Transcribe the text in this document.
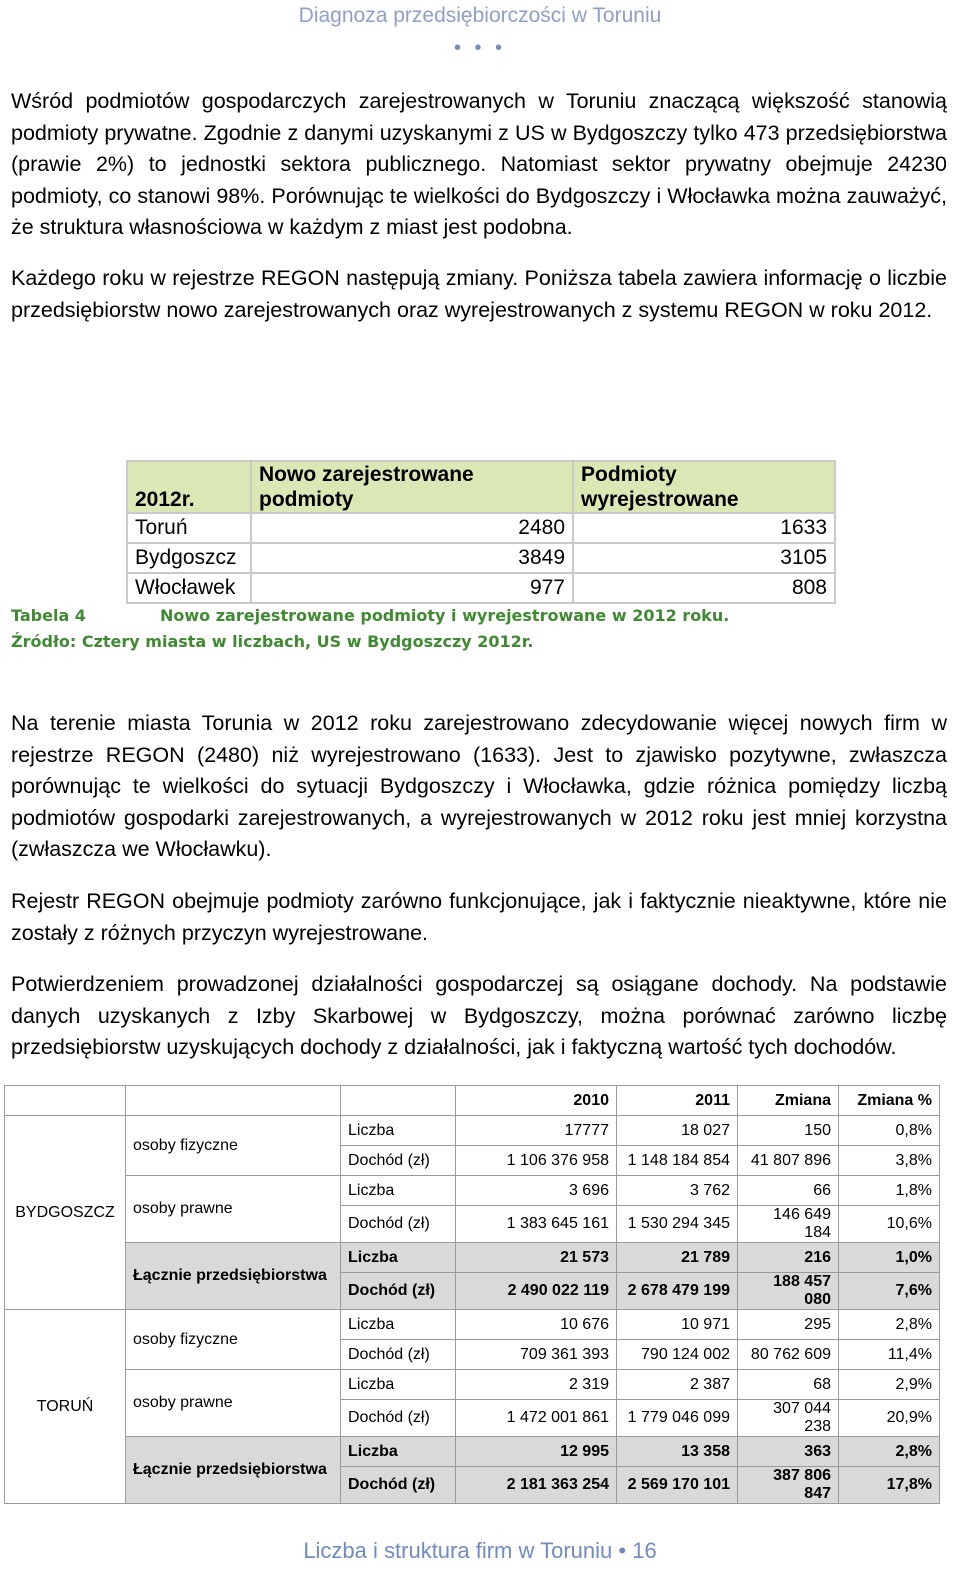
Diagnoza przedsiębiorczości w Toruniu
• • •

Wśród podmiotów gospodarczych zarejestrowanych w Toruniu znaczącą większość stanowią podmioty prywatne. Zgodnie z danymi uzyskanymi z US w Bydgoszczy tylko 473 przedsiębiorstwa (prawie 2%) to jednostki sektora publicznego. Natomiast sektor prywatny obejmuje 24230 podmioty, co stanowi 98%. Porównując te wielkości do Bydgoszczy i Włocławka można zauważyć, że struktura własnościowa w każdym z miast jest podobna.

Każdego roku w rejestrze REGON następują zmiany. Poniższa tabela zawiera informację o liczbie przedsiębiorstw nowo zarejestrowanych oraz wyrejestrowanych z systemu REGON w roku 2012.

2012r.	Nowo zarejestrowane podmioty	Podmioty wyrejestrowane
Toruń	2480	1633
Bydgoszcz	3849	3105
Włocławek	977	808
Tabela 4	Nowo zarejestrowane podmioty i wyrejestrowane w 2012 roku.
Źródło: Cztery miasta w liczbach, US w Bydgoszczy 2012r.

Na terenie miasta Torunia w 2012 roku zarejestrowano zdecydowanie więcej nowych firm w rejestrze REGON (2480) niż wyrejestrowano (1633). Jest to zjawisko pozytywne, zwłaszcza porównując te wielkości do sytuacji Bydgoszczy i Włocławka, gdzie różnica pomiędzy liczbą podmiotów gospodarki zarejestrowanych, a wyrejestrowanych w 2012 roku jest mniej korzystna (zwłaszcza we Włocławku).

Rejestr REGON obejmuje podmioty zarówno funkcjonujące, jak i faktycznie nieaktywne, które nie zostały z różnych przyczyn wyrejestrowane.

Potwierdzeniem prowadzonej działalności gospodarczej są osiągane dochody. Na podstawie danych uzyskanych z Izby Skarbowej w Bydgoszczy, można porównać zarówno liczbę przedsiębiorstw uzyskujących dochody z działalności, jak i faktyczną wartość tych dochodów.

			2010	2011	Zmiana	Zmiana %
BYDGOSZCZ	osoby fizyczne	Liczba	17777	18 027	150	0,8%
		Dochód (zł)	1 106 376 958	1 148 184 854	41 807 896	3,8%
	osoby prawne	Liczba	3 696	3 762	66	1,8%
		Dochód (zł)	1 383 645 161	1 530 294 345	146 649 184	10,6%
	Łącznie przedsiębiorstwa	Liczba	21 573	21 789	216	1,0%
		Dochód (zł)	2 490 022 119	2 678 479 199	188 457 080	7,6%
TORUŃ	osoby fizyczne	Liczba	10 676	10 971	295	2,8%
		Dochód (zł)	709 361 393	790 124 002	80 762 609	11,4%
	osoby prawne	Liczba	2 319	2 387	68	2,9%
		Dochód (zł)	1 472 001 861	1 779 046 099	307 044 238	20,9%
	Łącznie przedsiębiorstwa	Liczba	12 995	13 358	363	2,8%
		Dochód (zł)	2 181 363 254	2 569 170 101	387 806 847	17,8%
Liczba i struktura firm w Toruniu • 16
